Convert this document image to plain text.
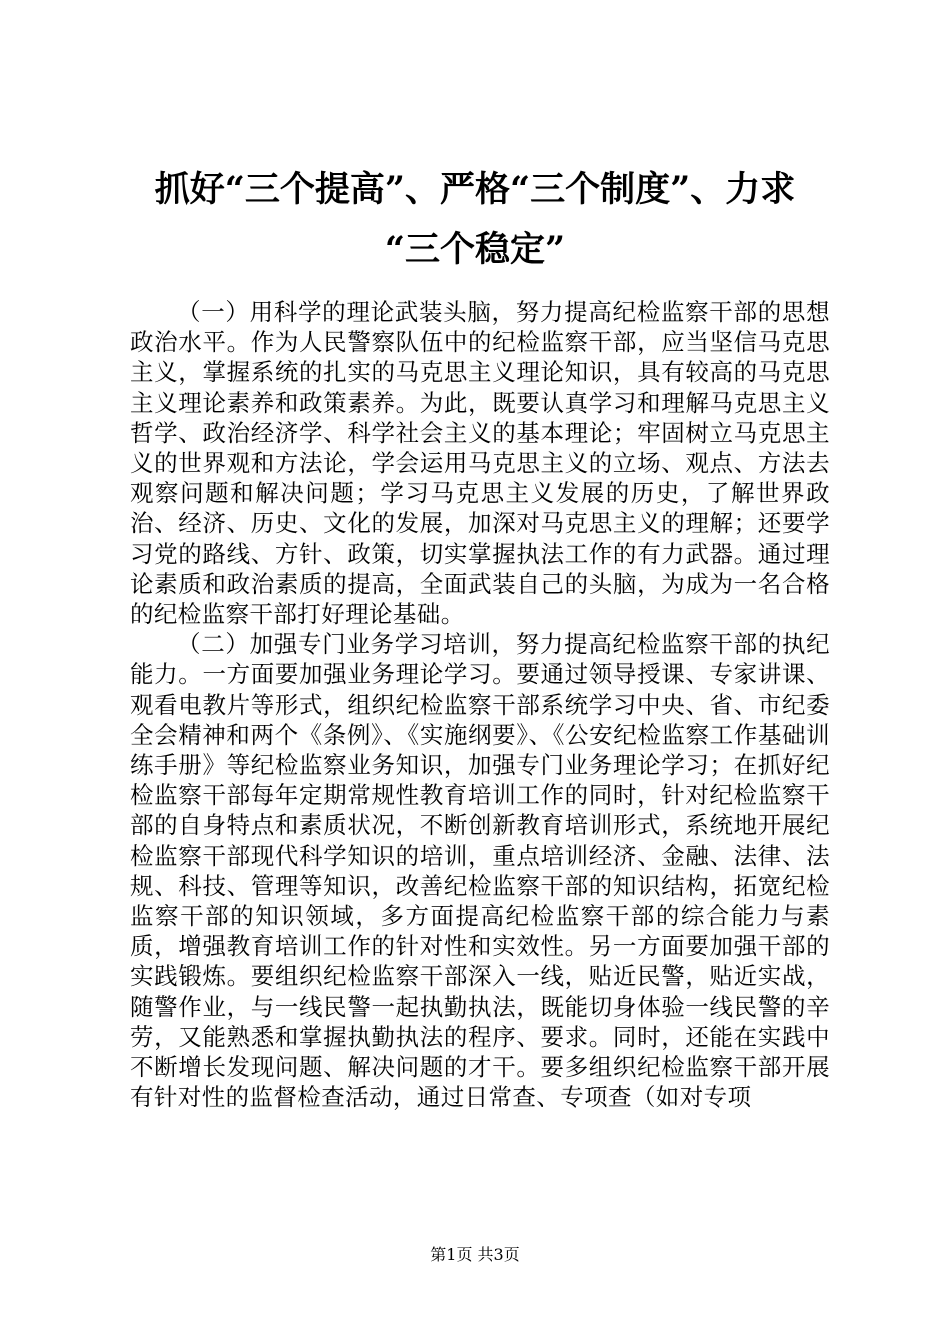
抓好“三个提高”、严格“三个制度”、力求
“三个稳定”

（一）用科学的理论武装头脑，努力提高纪检监察干部的思想政治水平。作为人民警察队伍中的纪检监察干部，应当坚信马克思主义，掌握系统的扎实的马克思主义理论知识，具有较高的马克思主义理论素养和政策素养。为此，既要认真学习和理解马克思主义哲学、政治经济学、科学社会主义的基本理论；牢固树立马克思主义的世界观和方法论，学会运用马克思主义的立场、观点、方法去观察问题和解决问题；学习马克思主义发展的历史，了解世界政治、经济、历史、文化的发展，加深对马克思主义的理解；还要学习党的路线、方针、政策，切实掌握执法工作的有力武器。通过理论素质和政治素质的提高，全面武装自己的头脑，为成为一名合格的纪检监察干部打好理论基础。

（二）加强专门业务学习培训，努力提高纪检监察干部的执纪能力。一方面要加强业务理论学习。要通过领导授课、专家讲课、观看电教片等形式，组织纪检监察干部系统学习中央、省、市纪委全会精神和两个《条例》、《实施纲要》、《公安纪检监察工作基础训练手册》等纪检监察业务知识，加强专门业务理论学习；在抓好纪检监察干部每年定期常规性教育培训工作的同时，针对纪检监察干部的自身特点和素质状况，不断创新教育培训形式，系统地开展纪检监察干部现代科学知识的培训，重点培训经济、金融、法律、法规、科技、管理等知识，改善纪检监察干部的知识结构，拓宽纪检监察干部的知识领域，多方面提高纪检监察干部的综合能力与素质，增强教育培训工作的针对性和实效性。另一方面要加强干部的实践锻炼。要组织纪检监察干部深入一线，贴近民警，贴近实战，随警作业，与一线民警一起执勤执法，既能切身体验一线民警的辛劳，又能熟悉和掌握执勤执法的程序、要求。同时，还能在实践中不断增长发现问题、解决问题的才干。要多组织纪检监察干部开展有针对性的监督检查活动，通过日常查、专项查（如对专项

第1页 共3页
